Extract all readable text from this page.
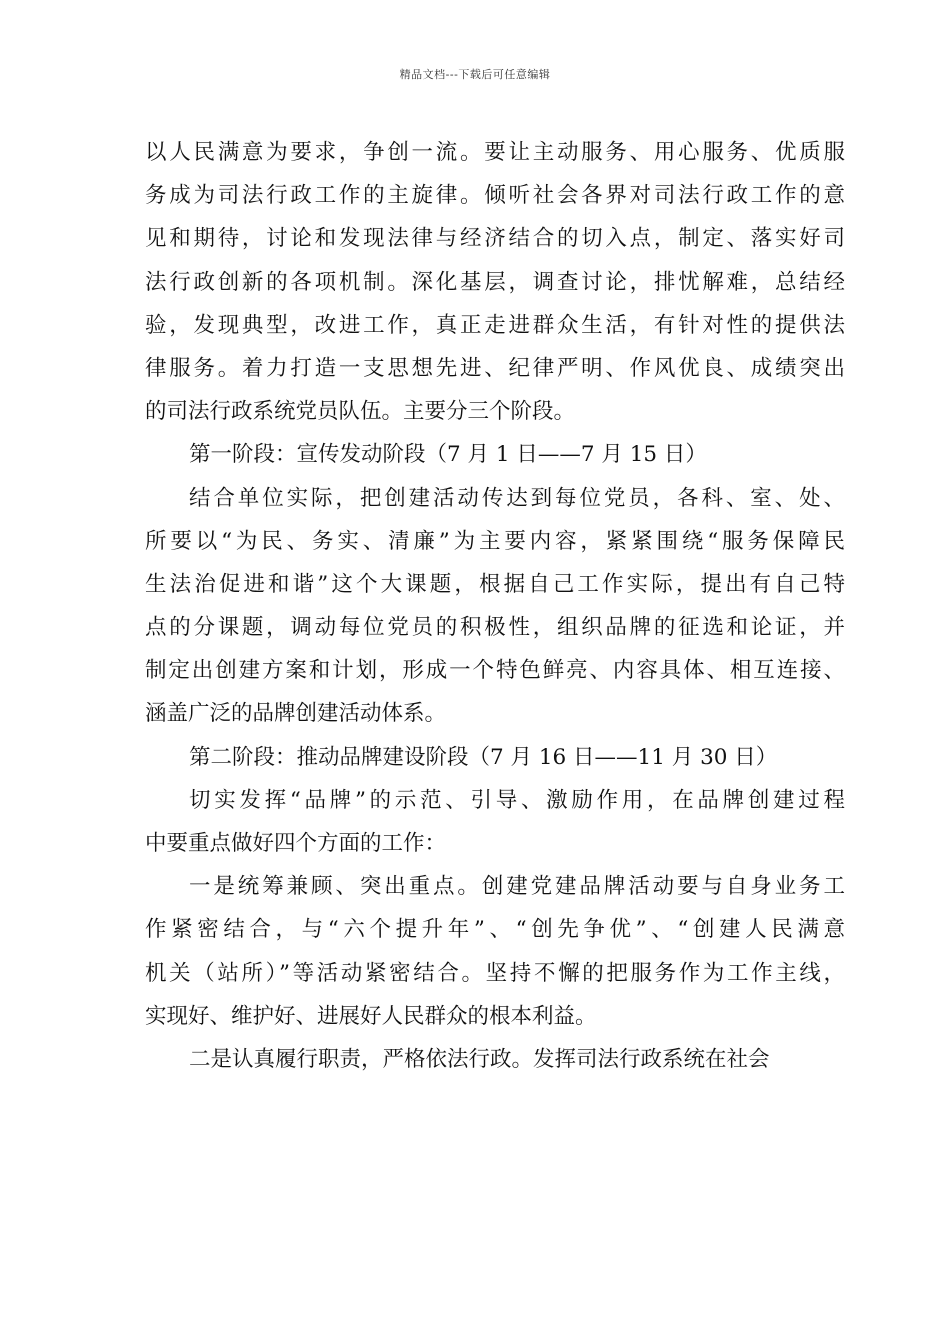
精品文档---下载后可任意编辑
以人民满意为要求，争创一流。要让主动服务、用心服务、优质服
务成为司法行政工作的主旋律。倾听社会各界对司法行政工作的意
见和期待，讨论和发现法律与经济结合的切入点，制定、落实好司
法行政创新的各项机制。深化基层，调查讨论，排忧解难，总结经
验，发现典型，改进工作，真正走进群众生活，有针对性的提供法
律服务。着力打造一支思想先进、纪律严明、作风优良、成绩突出
的司法行政系统党员队伍。主要分三个阶段。
第一阶段：宣传发动阶段（7 月 1 日——7 月 15 日）
结合单位实际，把创建活动传达到每位党员，各科、室、处、
所要以“为民、务实、清廉”为主要内容，紧紧围绕“服务保障民
生法治促进和谐”这个大课题，根据自己工作实际，提出有自己特
点的分课题，调动每位党员的积极性，组织品牌的征选和论证，并
制定出创建方案和计划，形成一个特色鲜亮、内容具体、相互连接、
涵盖广泛的品牌创建活动体系。
第二阶段：推动品牌建设阶段（7 月 16 日——11 月 30 日）
切实发挥“品牌”的示范、引导、激励作用，在品牌创建过程
中要重点做好四个方面的工作：
一是统筹兼顾、突出重点。创建党建品牌活动要与自身业务工
作紧密结合，与“六个提升年”、“创先争优”、“创建人民满意
机关（站所）”等活动紧密结合。坚持不懈的把服务作为工作主线，
实现好、维护好、进展好人民群众的根本利益。
二是认真履行职责，严格依法行政。发挥司法行政系统在社会
